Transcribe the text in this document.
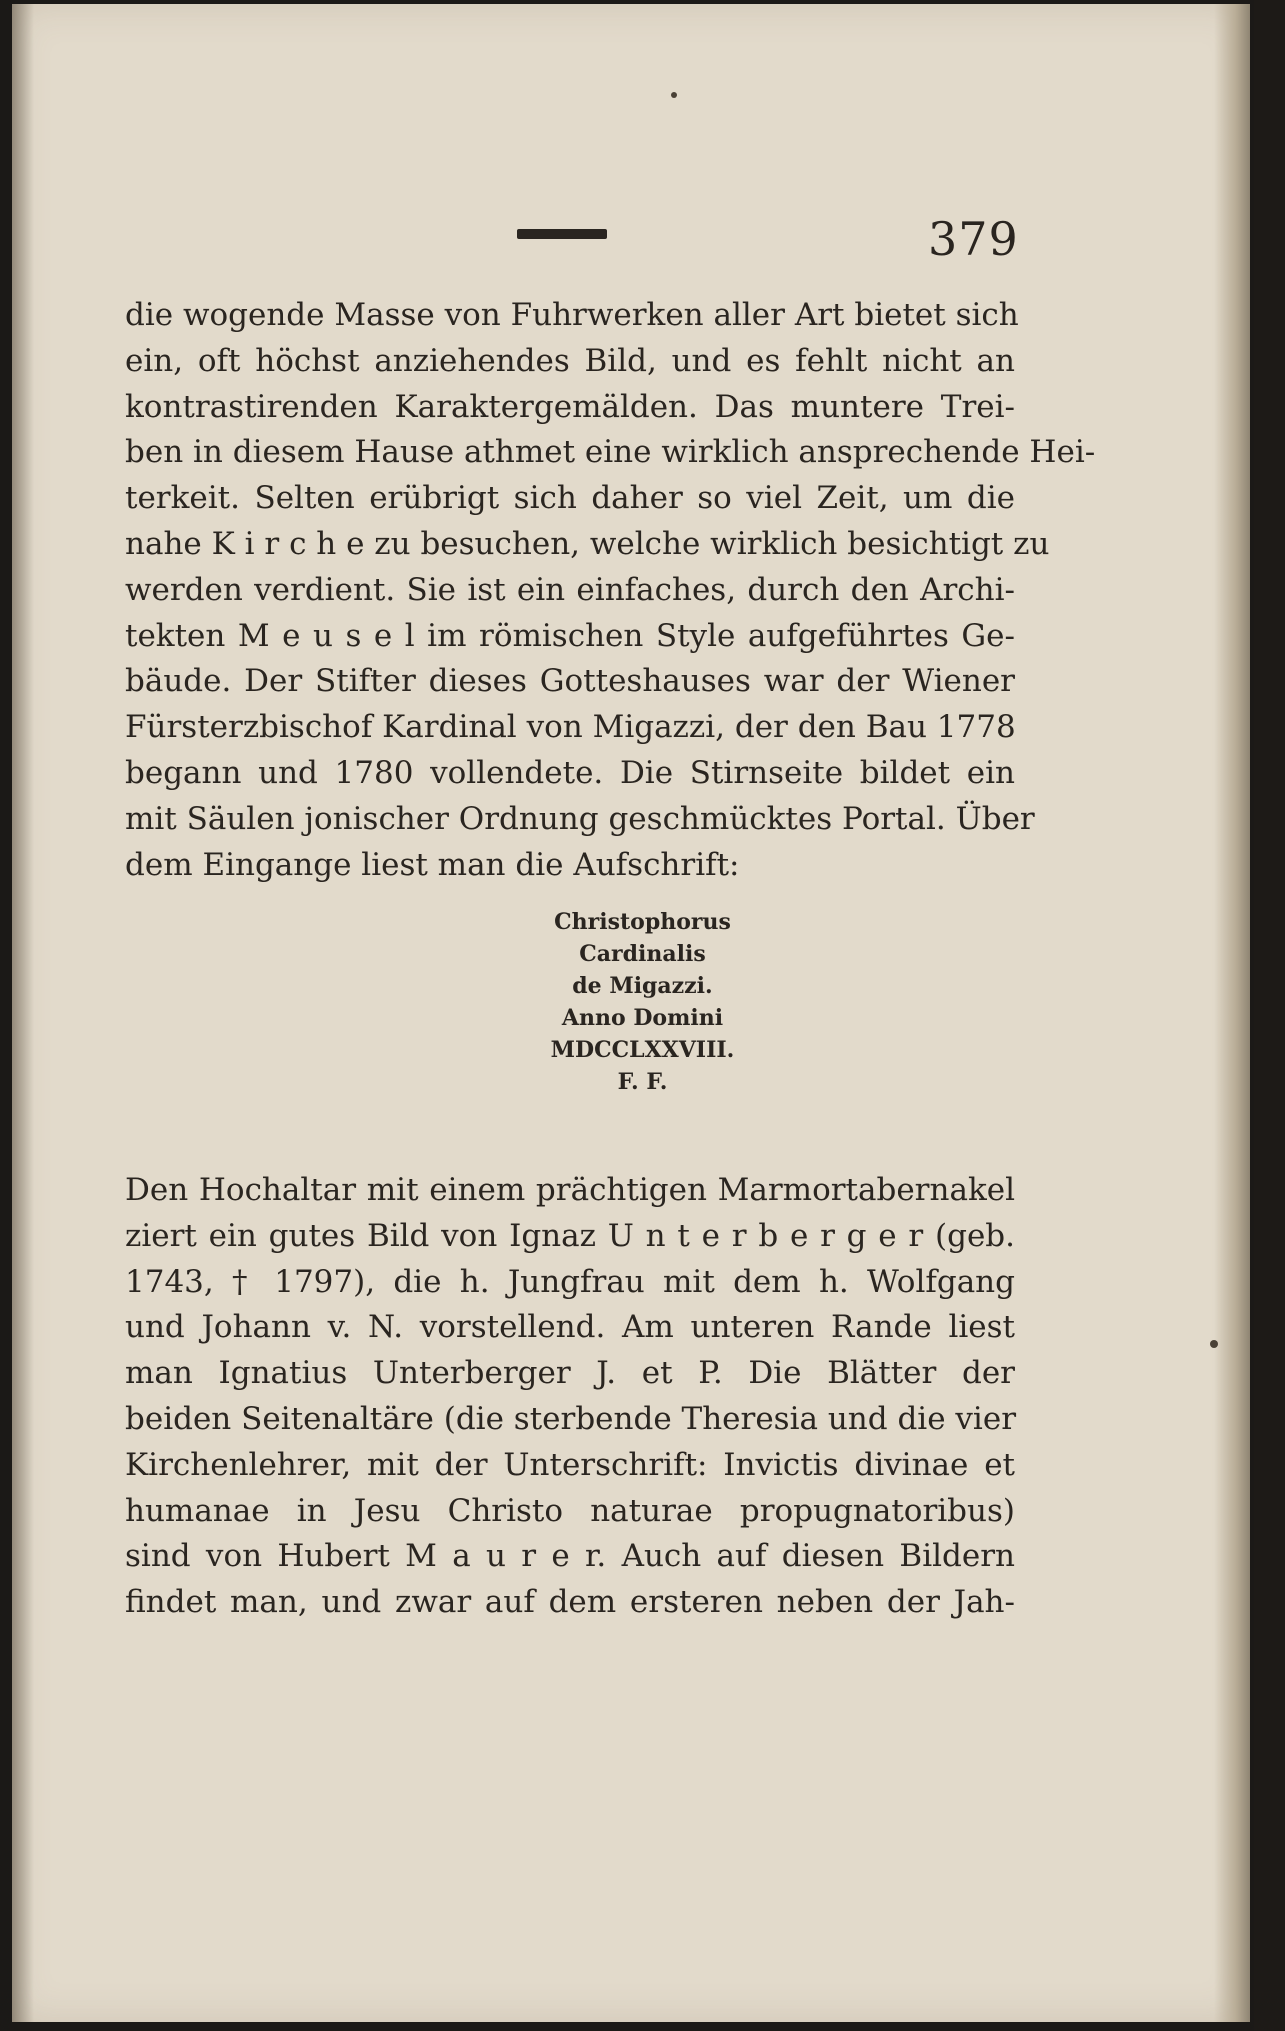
379
die wogende Masse von Fuhrwerken aller Art bietet sich
ein, oft höchst anziehendes Bild, und es fehlt nicht an
kontrastirenden Karaktergemälden. Das muntere Trei-
ben in diesem Hause athmet eine wirklich ansprechende Hei-
terkeit. Selten erübrigt sich daher so viel Zeit, um die
nahe K i r c h e zu besuchen, welche wirklich besichtigt zu
werden verdient. Sie ist ein einfaches, durch den Archi-
tekten M e u s e l im römischen Style aufgeführtes Ge-
bäude. Der Stifter dieses Gotteshauses war der Wiener
Fürsterzbischof Kardinal von Migazzi, der den Bau 1778
begann und 1780 vollendete. Die Stirnseite bildet ein
mit Säulen jonischer Ordnung geschmücktes Portal. Über
dem Eingange liest man die Aufschrift:
Christophorus
Cardinalis
de Migazzi.
Anno Domini
MDCCLXXVIII.
F. F.
Den Hochaltar mit einem prächtigen Marmortabernakel
ziert ein gutes Bild von Ignaz U n t e r b e r g e r (geb.
1743, † 1797), die h. Jungfrau mit dem h. Wolfgang
und Johann v. N. vorstellend. Am unteren Rande liest
man Ignatius Unterberger J. et P. Die Blätter der
beiden Seitenaltäre (die sterbende Theresia und die vier
Kirchenlehrer, mit der Unterschrift: Invictis divinae et
humanae in Jesu Christo naturae propugnatoribus)
sind von Hubert M a u r e r. Auch auf diesen Bildern
findet man, und zwar auf dem ersteren neben der Jah-
